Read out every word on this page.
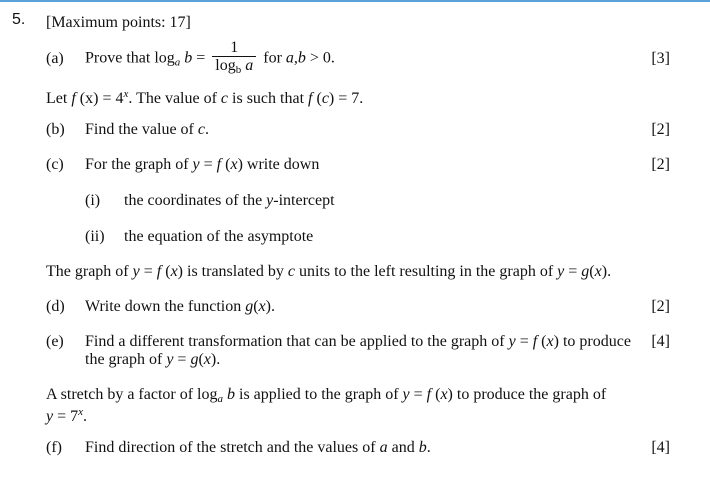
5. [Maximum points: 17]
(a) Prove that $\log_a b = \frac{1}{\log_b a}$ for a,b > 0.	[3]
Let f $(x) = 4^x$. The value of c is such that f (c) = 7.
(b) Find the value of c.	[2]
(c) For the graph of y = f (x) write down	[2]
(i) the coordinates of the y-intercept
(ii) the equation of the asymptote
The graph of y = f (x) is translated by c units to the left resulting in the graph of y = g(x).
(d) Write down the function g(x).	[2]
(e) Find a different transformation that can be applied to the graph of y = f (x) to produce
the graph of y = g(x).
[4]
A stretch by a factor of $\log_a b$ is applied to the graph of y = f (x) to produce the graph of
$y = 7^x$.
(f) Find direction of the stretch and the values of a and b.	[4]
